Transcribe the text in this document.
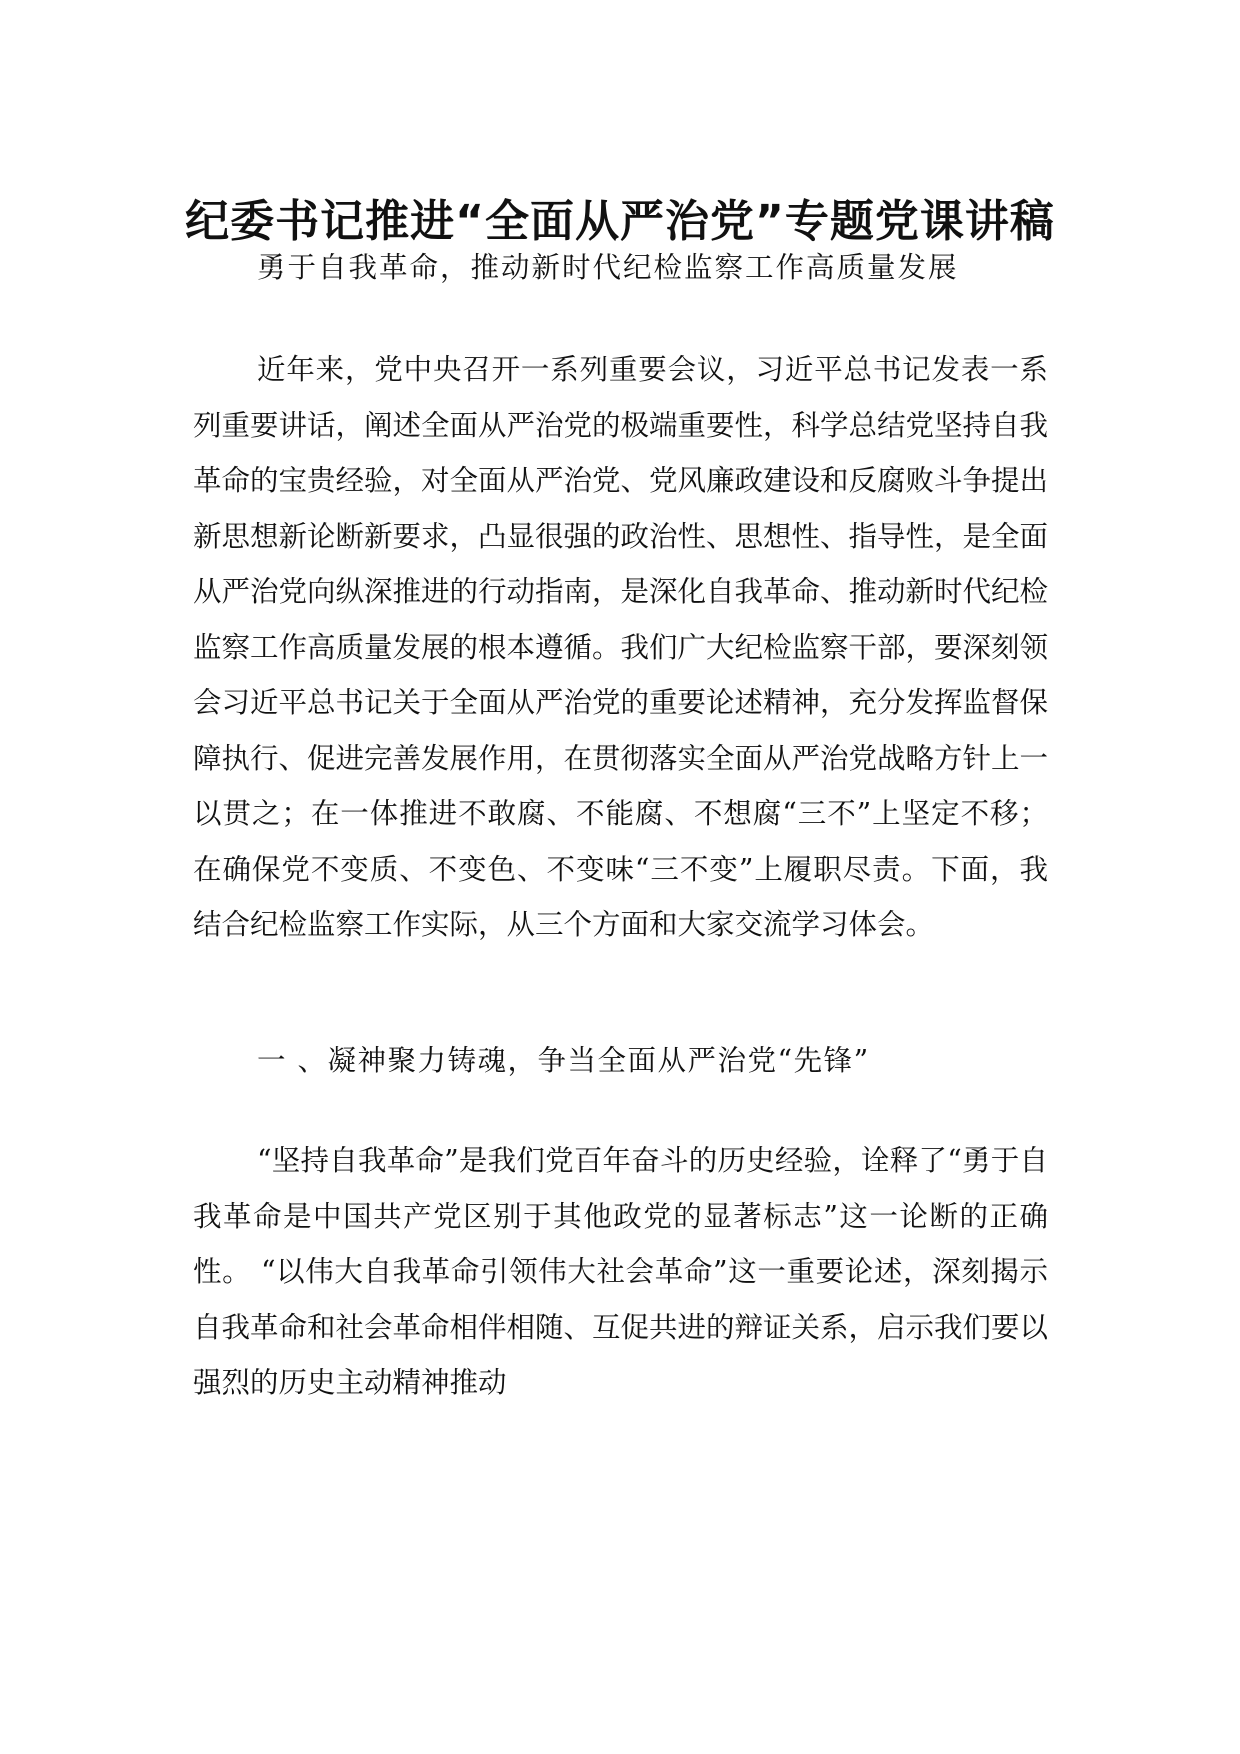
纪委书记推进“全面从严治党”专题党课讲稿

勇于自我革命，推动新时代纪检监察工作高质量发展

近年来，党中央召开一系列重要会议，习近平总书记发表一系列重要讲话，阐述全面从严治党的极端重要性，科学总结党坚持自我革命的宝贵经验，对全面从严治党、党风廉政建设和反腐败斗争提出新思想新论断新要求，凸显很强的政治性、思想性、指导性，是全面从严治党向纵深推进的行动指南，是深化自我革命、推动新时代纪检监察工作高质量发展的根本遵循。我们广大纪检监察干部，要深刻领会习近平总书记关于全面从严治党的重要论述精神，充分发挥监督保障执行、促进完善发展作用，在贯彻落实全面从严治党战略方针上一以贯之；在一体推进不敢腐、不能腐、不想腐“三不”上坚定不移；在确保党不变质、不变色、不变味“三不变”上履职尽责。下面，我结合纪检监察工作实际，从三个方面和大家交流学习体会。

一 、凝神聚力铸魂，争当全面从严治党“先锋”

“坚持自我革命”是我们党百年奋斗的历史经验，诠释了“勇于自我革命是中国共产党区别于其他政党的显著标志”这一论断的正确性。 “以伟大自我革命引领伟大社会革命”这一重要论述，深刻揭示自我革命和社会革命相伴相随、互促共进的辩证关系，启示我们要以强烈的历史主动精神推动
